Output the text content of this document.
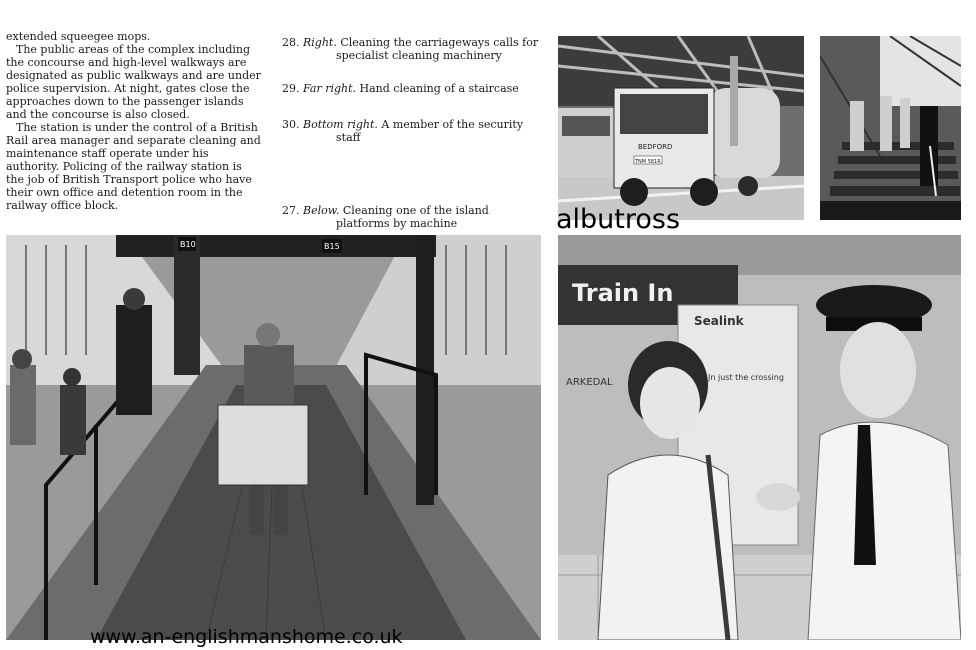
extended squeegee mops.

The public areas of the complex including the concourse and high-level walkways are designated as public walkways and are under police supervision. At night, gates close the approaches down to the passenger islands and the concourse is also closed.

The station is under the control of a British Rail area manager and separate cleaning and maintenance staff operate under his authority. Policing of the railway station is the job of British Transport police who have their own office and detention room in the railway office block.

28. Right. Cleaning the carriageways calls for specialist cleaning machinery
29. Far right. Hand cleaning of a staircase
30. Bottom right. A member of the security staff
27. Below. Cleaning one of the island platforms by machine
BEDFORD
TNM 581R
B10	B15
Train In
Sealink
ARKEDAL	Jn just the crossing
albutross
www.an-englishmanshome.co.uk
